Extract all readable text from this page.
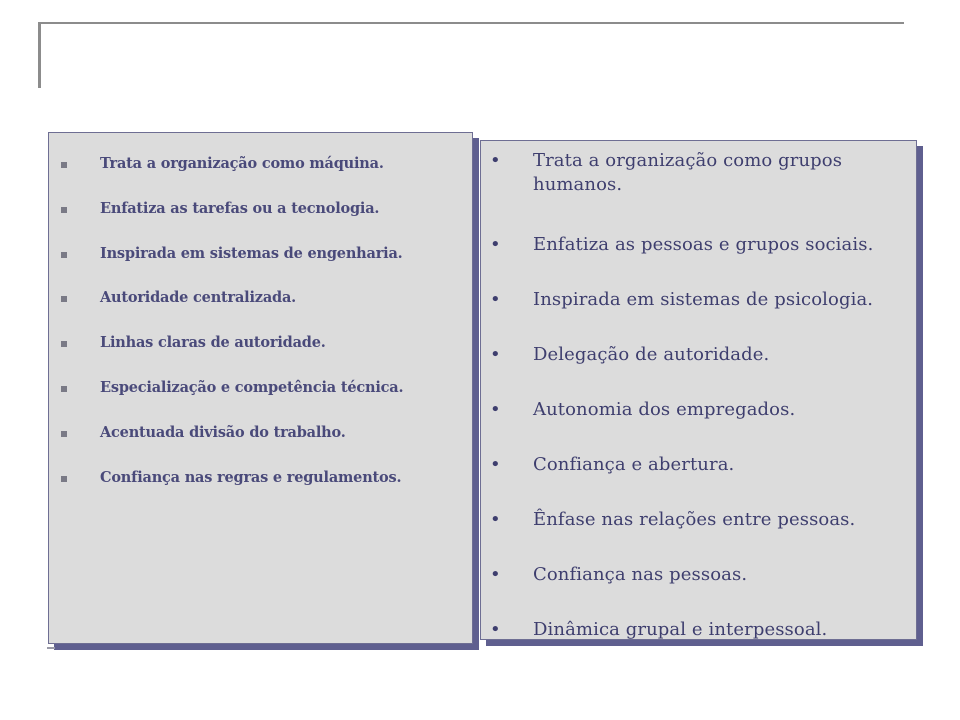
Trata a organização como máquina.
Enfatiza as tarefas ou a tecnologia.
Inspirada em sistemas de engenharia.
Autoridade centralizada.
Linhas claras de autoridade.
Especialização e competência técnica.
Acentuada divisão do trabalho.
Confiança nas regras e regulamentos.
• Trata a organização como grupos humanos.
• Enfatiza as pessoas e grupos sociais.
• Inspirada em sistemas de psicologia.
• Delegação de autoridade.
• Autonomia dos empregados.
• Confiança e abertura.
• Ênfase nas relações entre pessoas.
• Confiança nas pessoas.
• Dinâmica grupal e interpessoal.
